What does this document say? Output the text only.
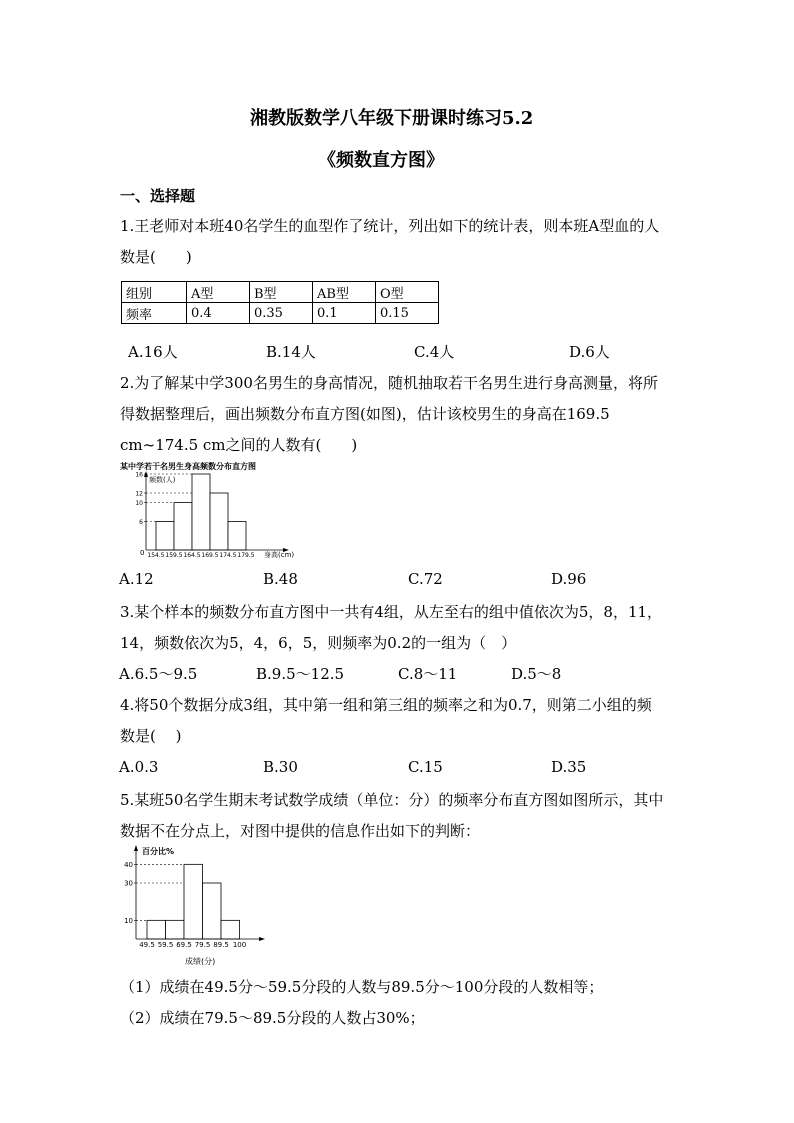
湘教版数学八年级下册课时练习5.2
《频数直方图》
一、选择题
1.王老师对本班40名学生的血型作了统计，列出如下的统计表，则本班A型血的人
数是(　　)
组别	A型	B型	AB型	O型
频率	0.4	0.35	0.1	0.15
A.16人	B.14人	C.4人	D.6人
2.为了解某中学300名男生的身高情况，随机抽取若干名男生进行身高测量，将所
得数据整理后，画出频数分布直方图(如图)，估计该校男生的身高在169.5
cm~174.5 cm之间的人数有(　　)
某中学若干名男生身高频数分布直方图
频数(人)
身高(cm)
0
6
10
12
16
154.5 159.5 164.5 169.5 174.5 179.5
A.12	B.48	C.72	D.96
3.某个样本的频数分布直方图中一共有4组，从左至右的组中值依次为5，8，11，
14，频数依次为5，4，6，5，则频率为0.2的一组为（　）
A.6.5～9.5	B.9.5～12.5	C.8～11	D.5～8
4.将50个数据分成3组，其中第一组和第三组的频率之和为0.7，则第二小组的频
数是(　 )
A.0.3	B.30	C.15	D.35
5.某班50名学生期末考试数学成绩（单位：分）的频率分布直方图如图所示，其中
数据不在分点上，对图中提供的信息作出如下的判断：
百分比%
成绩(分)
10
30
40
49.5 59.5 69.5 79.5 89.5 100
（1）成绩在49.5分～59.5分段的人数与89.5分～100分段的人数相等；
（2）成绩在79.5～89.5分段的人数占30%；
